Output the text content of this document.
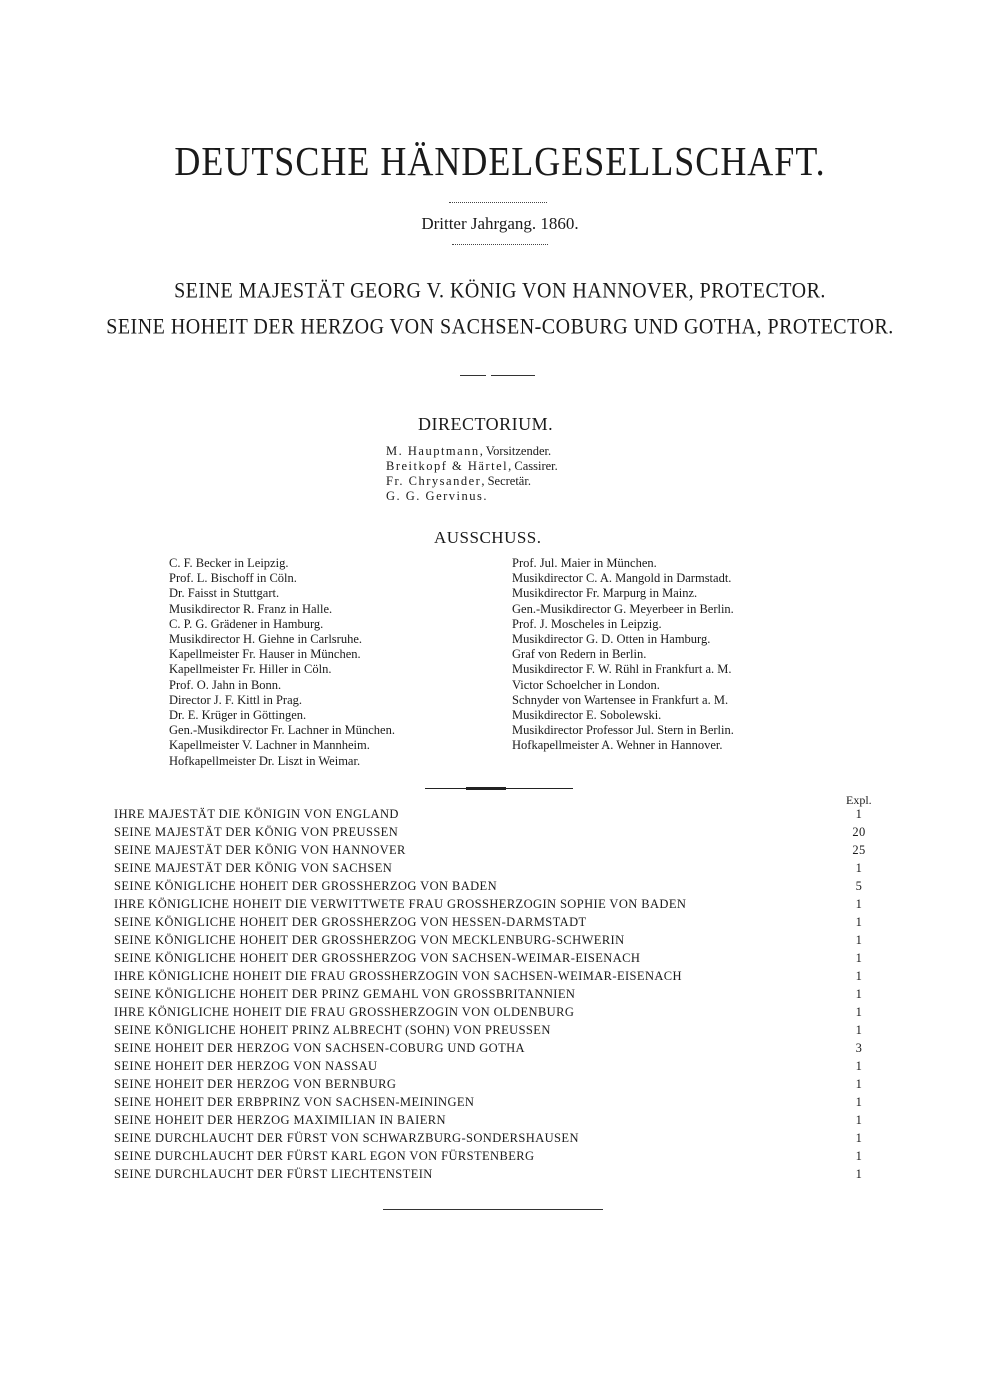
DEUTSCHE HÄNDELGESELLSCHAFT.
Dritter Jahrgang. 1860.
SEINE MAJESTÄT GEORG V. KÖNIG VON HANNOVER, PROTECTOR.
SEINE HOHEIT DER HERZOG VON SACHSEN-COBURG UND GOTHA, PROTECTOR.
DIRECTORIUM.
M. Hauptmann, Vorsitzender.
Breitkopf & Härtel, Cassirer.
Fr. Chrysander, Secretär.
G. G. Gervinus.
AUSSCHUSS.
C. F. Becker in Leipzig.
Prof. L. Bischoff in Cöln.
Dr. Faisst in Stuttgart.
Musikdirector R. Franz in Halle.
C. P. G. Grädener in Hamburg.
Musikdirector H. Giehne in Carlsruhe.
Kapellmeister Fr. Hauser in München.
Kapellmeister Fr. Hiller in Cöln.
Prof. O. Jahn in Bonn.
Director J. F. Kittl in Prag.
Dr. E. Krüger in Göttingen.
Gen.-Musikdirector Fr. Lachner in München.
Kapellmeister V. Lachner in Mannheim.
Hofkapellmeister Dr. Liszt in Weimar.
Prof. Jul. Maier in München.
Musikdirector C. A. Mangold in Darmstadt.
Musikdirector Fr. Marpurg in Mainz.
Gen.-Musikdirector G. Meyerbeer in Berlin.
Prof. J. Moscheles in Leipzig.
Musikdirector G. D. Otten in Hamburg.
Graf von Redern in Berlin.
Musikdirector F. W. Rühl in Frankfurt a. M.
Victor Schoelcher in London.
Schnyder von Wartensee in Frankfurt a. M.
Musikdirector E. Sobolewski.
Musikdirector Professor Jul. Stern in Berlin.
Hofkapellmeister A. Wehner in Hannover.
Expl.
IHRE MAJESTÄT DIE KÖNIGIN VON ENGLAND	1
SEINE MAJESTÄT DER KÖNIG VON PREUSSEN	20
SEINE MAJESTÄT DER KÖNIG VON HANNOVER	25
SEINE MAJESTÄT DER KÖNIG VON SACHSEN	1
SEINE KÖNIGLICHE HOHEIT DER GROSSHERZOG VON BADEN	5
IHRE KÖNIGLICHE HOHEIT DIE VERWITTWETE FRAU GROSSHERZOGIN SOPHIE VON BADEN	1
SEINE KÖNIGLICHE HOHEIT DER GROSSHERZOG VON HESSEN-DARMSTADT	1
SEINE KÖNIGLICHE HOHEIT DER GROSSHERZOG VON MECKLENBURG-SCHWERIN	1
SEINE KÖNIGLICHE HOHEIT DER GROSSHERZOG VON SACHSEN-WEIMAR-EISENACH	1
IHRE KÖNIGLICHE HOHEIT DIE FRAU GROSSHERZOGIN VON SACHSEN-WEIMAR-EISENACH	1
SEINE KÖNIGLICHE HOHEIT DER PRINZ GEMAHL VON GROSSBRITANNIEN	1
IHRE KÖNIGLICHE HOHEIT DIE FRAU GROSSHERZOGIN VON OLDENBURG	1
SEINE KÖNIGLICHE HOHEIT PRINZ ALBRECHT (SOHN) VON PREUSSEN	1
SEINE HOHEIT DER HERZOG VON SACHSEN-COBURG UND GOTHA	3
SEINE HOHEIT DER HERZOG VON NASSAU	1
SEINE HOHEIT DER HERZOG VON BERNBURG	1
SEINE HOHEIT DER ERBPRINZ VON SACHSEN-MEININGEN	1
SEINE HOHEIT DER HERZOG MAXIMILIAN IN BAIERN	1
SEINE DURCHLAUCHT DER FÜRST VON SCHWARZBURG-SONDERSHAUSEN	1
SEINE DURCHLAUCHT DER FÜRST KARL EGON VON FÜRSTENBERG	1
SEINE DURCHLAUCHT DER FÜRST LIECHTENSTEIN	1
